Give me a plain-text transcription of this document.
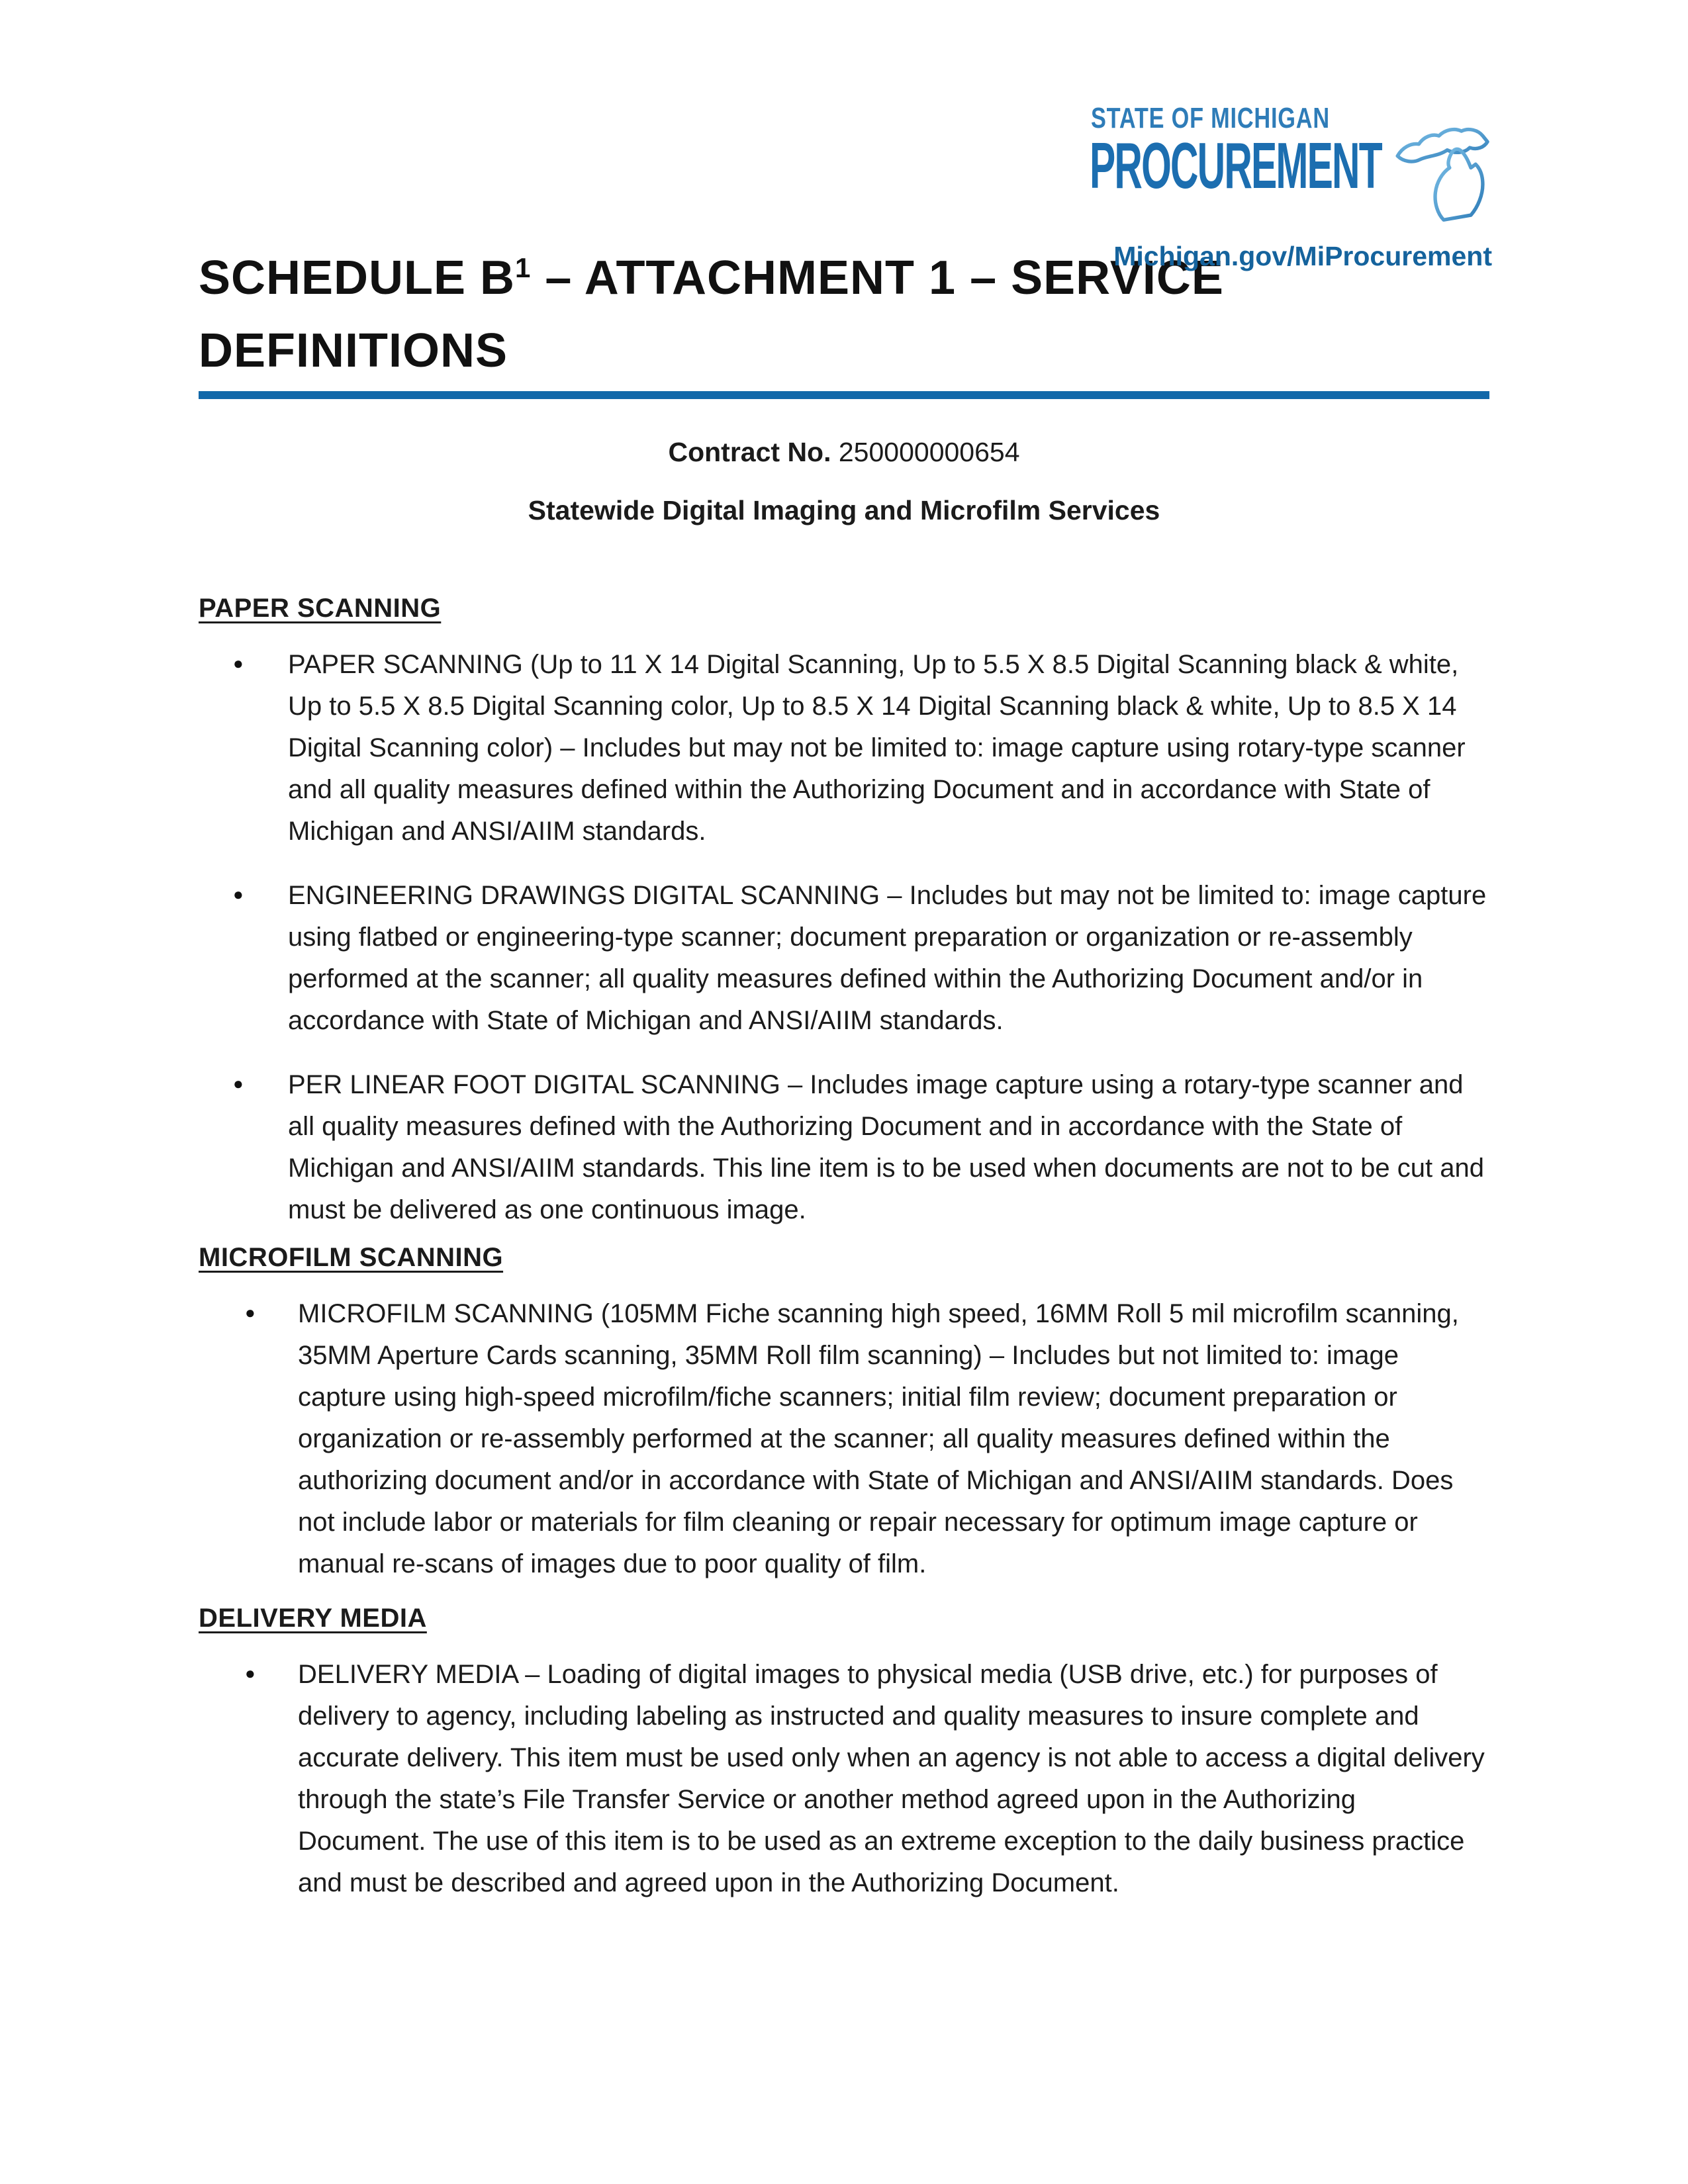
STATE OF MICHIGAN
PROCUREMENT
Michigan.gov/MiProcurement
SCHEDULE $B^1$ – ATTACHMENT 1 – SERVICE DEFINITIONS

Contract No. 250000000654

Statewide Digital Imaging and Microfilm Services

PAPER SCANNING
● PAPER SCANNING (Up to 11 X 14 Digital Scanning, Up to 5.5 X 8.5 Digital Scanning black & white, Up to 5.5 X 8.5 Digital Scanning color, Up to 8.5 X 14 Digital Scanning black & white, Up to 8.5 X 14 Digital Scanning color) – Includes but may not be limited to: image capture using rotary-type scanner and all quality measures defined within the Authorizing Document and in accordance with State of Michigan and ANSI/AIIM standards.
● ENGINEERING DRAWINGS DIGITAL SCANNING – Includes but may not be limited to: image capture using flatbed or engineering-type scanner; document preparation or organization or re-assembly performed at the scanner; all quality measures defined within the Authorizing Document and/or in accordance with State of Michigan and ANSI/AIIM standards.
● PER LINEAR FOOT DIGITAL SCANNING – Includes image capture using a rotary-type scanner and all quality measures defined with the Authorizing Document and in accordance with the State of Michigan and ANSI/AIIM standards. This line item is to be used when documents are not to be cut and must be delivered as one continuous image.
MICROFILM SCANNING
● MICROFILM SCANNING (105MM Fiche scanning high speed, 16MM Roll 5 mil microfilm scanning, 35MM Aperture Cards scanning, 35MM Roll film scanning) – Includes but not limited to: image capture using high-speed microfilm/fiche scanners; initial film review; document preparation or organization or re-assembly performed at the scanner; all quality measures defined within the authorizing document and/or in accordance with State of Michigan and ANSI/AIIM standards. Does not include labor or materials for film cleaning or repair necessary for optimum image capture or manual re-scans of images due to poor quality of film.
DELIVERY MEDIA
● DELIVERY MEDIA – Loading of digital images to physical media (USB drive, etc.) for purposes of delivery to agency, including labeling as instructed and quality measures to insure complete and accurate delivery. This item must be used only when an agency is not able to access a digital delivery through the state’s File Transfer Service or another method agreed upon in the Authorizing Document. The use of this item is to be used as an extreme exception to the daily business practice and must be described and agreed upon in the Authorizing Document.
